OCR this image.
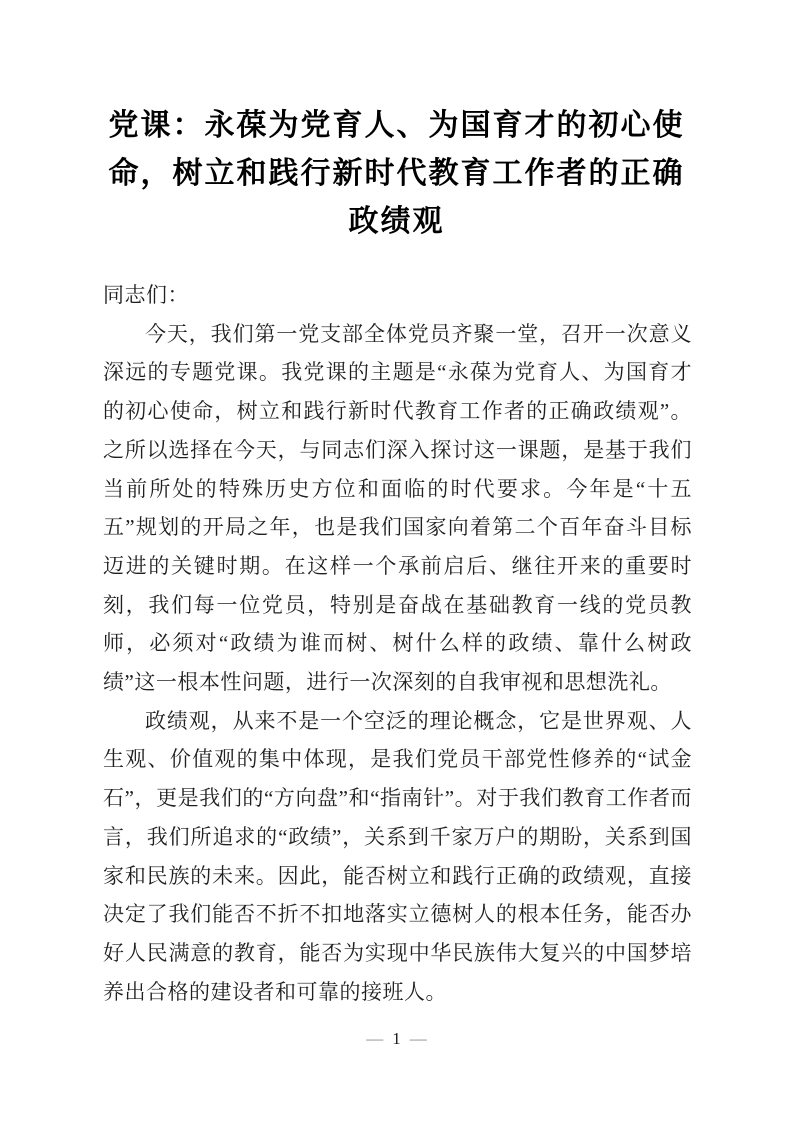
党课：永葆为党育人、为国育才的初心使命，树立和践行新时代教育工作者的正确政绩观

同志们：

今天，我们第一党支部全体党员齐聚一堂，召开一次意义深远的专题党课。我党课的主题是“永葆为党育人、为国育才的初心使命，树立和践行新时代教育工作者的正确政绩观”。之所以选择在今天，与同志们深入探讨这一课题，是基于我们当前所处的特殊历史方位和面临的时代要求。今年是“十五五”规划的开局之年，也是我们国家向着第二个百年奋斗目标迈进的关键时期。在这样一个承前启后、继往开来的重要时刻，我们每一位党员，特别是奋战在基础教育一线的党员教师，必须对“政绩为谁而树、树什么样的政绩、靠什么树政绩”这一根本性问题，进行一次深刻的自我审视和思想洗礼。

政绩观，从来不是一个空泛的理论概念，它是世界观、人生观、价值观的集中体现，是我们党员干部党性修养的“试金石”，更是我们的“方向盘”和“指南针”。对于我们教育工作者而言，我们所追求的“政绩”，关系到千家万户的期盼，关系到国家和民族的未来。因此，能否树立和践行正确的政绩观，直接决定了我们能否不折不扣地落实立德树人的根本任务，能否办好人民满意的教育，能否为实现中华民族伟大复兴的中国梦培养出合格的建设者和可靠的接班人。

— 1 —
